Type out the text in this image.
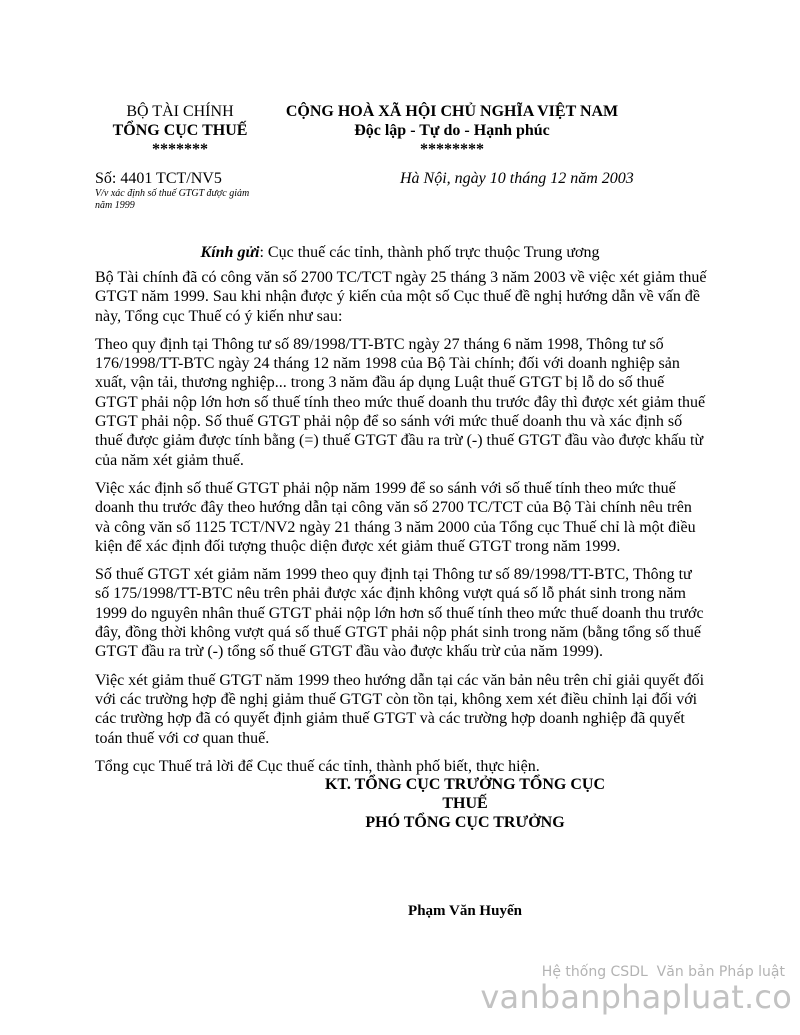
BỘ TÀI CHÍNH
TỔNG CỤC THUẾ
*******
CỘNG HOÀ XÃ HỘI CHỦ NGHĨA VIỆT NAM
Độc lập - Tự do - Hạnh phúc
********
Số: 4401 TCT/NV5
V/v xác định số thuế GTGT được giảm năm 1999
Hà Nội, ngày 10 tháng 12 năm 2003
Kính gửi: Cục thuế các tỉnh, thành phố trực thuộc Trung ương

Bộ Tài chính đã có công văn số 2700 TC/TCT ngày 25 tháng 3 năm 2003 về việc xét giảm thuế GTGT năm 1999. Sau khi nhận được ý kiến của một số Cục thuế đề nghị hướng dẫn về vấn đề này, Tổng cục Thuế có ý kiến như sau:

Theo quy định tại Thông tư số 89/1998/TT-BTC ngày 27 tháng 6 năm 1998, Thông tư số 176/1998/TT-BTC ngày 24 tháng 12 năm 1998 của Bộ Tài chính; đối với doanh nghiệp sản xuất, vận tải, thương nghiệp... trong 3 năm đầu áp dụng Luật thuế GTGT bị lỗ do số thuế GTGT phải nộp lớn hơn số thuế tính theo mức thuế doanh thu trước đây thì được xét giảm thuế GTGT phải nộp. Số thuế GTGT phải nộp để so sánh với mức thuế doanh thu và xác định số thuế được giảm được tính bằng (=) thuế GTGT đầu ra trừ (-) thuế GTGT đầu vào được khấu từ của năm xét giảm thuế.

Việc xác định số thuế GTGT phải nộp năm 1999 để so sánh với số thuế tính theo mức thuế doanh thu trước đây theo hướng dẫn tại công văn số 2700 TC/TCT của Bộ Tài chính nêu trên và công văn số 1125 TCT/NV2 ngày 21 tháng 3 năm 2000 của Tổng cục Thuế chỉ là một điều kiện để xác định đối tượng thuộc diện được xét giảm thuế GTGT trong năm 1999.

Số thuế GTGT xét giảm năm 1999 theo quy định tại Thông tư số 89/1998/TT-BTC, Thông tư số 175/1998/TT-BTC nêu trên phải được xác định không vượt quá số lỗ phát sinh trong năm 1999 do nguyên nhân thuế GTGT phải nộp lớn hơn số thuế tính theo mức thuế doanh thu trước đây, đồng thời không vượt quá số thuế GTGT phải nộp phát sinh trong năm (bằng tổng số thuế GTGT đầu ra trừ (-) tổng số thuế GTGT đầu vào được khấu trừ của năm 1999).

Việc xét giảm thuế GTGT năm 1999 theo hướng dẫn tại các văn bản nêu trên chỉ giải quyết đối với các trường hợp đề nghị giảm thuế GTGT còn tồn tại, không xem xét điều chỉnh lại đối với các trường hợp đã có quyết định giảm thuế GTGT và các trường hợp doanh nghiệp đã quyết toán thuế với cơ quan thuế.

Tổng cục Thuế trả lời để Cục thuế các tỉnh, thành phố biết, thực hiện.

KT. TỔNG CỤC TRƯỞNG TỔNG CỤC
THUẾ
PHÓ TỔNG CỤC TRƯỞNG
Phạm Văn Huyến
Hệ thống CSDL  Văn bản Pháp luật
vanbanphapluat.co
